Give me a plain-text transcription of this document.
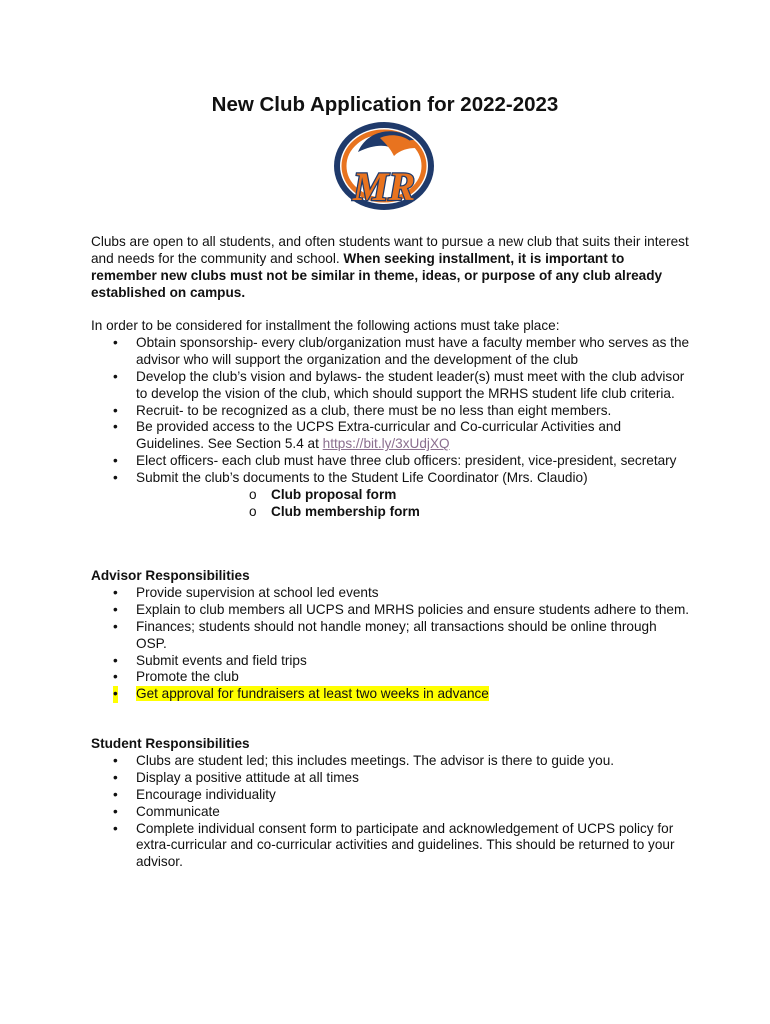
New Club Application for 2022-2023
MR

Clubs are open to all students, and often students want to pursue a new club that suits their interest and needs for the community and school. When seeking installment, it is important to remember new clubs must not be similar in theme, ideas, or purpose of any club already established on campus.

In order to be considered for installment the following actions must take place:

• Obtain sponsorship- every club/organization must have a faculty member who serves as the advisor who will support the organization and the development of the club
• Develop the club’s vision and bylaws- the student leader(s) must meet with the club advisor to develop the vision of the club, which should support the MRHS student life club criteria.
• Recruit- to be recognized as a club, there must be no less than eight members.
• Be provided access to the UCPS Extra-curricular and Co-curricular Activities and Guidelines. See Section 5.4 at https://bit.ly/3xUdjXQ
• Elect officers- each club must have three club officers: president, vice-president, secretary
• Submit the club’s documents to the Student Life Coordinator (Mrs. Claudio)
o Club proposal form
o Club membership form

Advisor Responsibilities

• Provide supervision at school led events
• Explain to club members all UCPS and MRHS policies and ensure students adhere to them.
• Finances; students should not handle money; all transactions should be online through OSP.
• Submit events and field trips
• Promote the club
• Get approval for fundraisers at least two weeks in advance

Student Responsibilities

• Clubs are student led; this includes meetings. The advisor is there to guide you.
• Display a positive attitude at all times
• Encourage individuality
• Communicate
• Complete individual consent form to participate and acknowledgement of UCPS policy for extra-curricular and co-curricular activities and guidelines. This should be returned to your advisor.
